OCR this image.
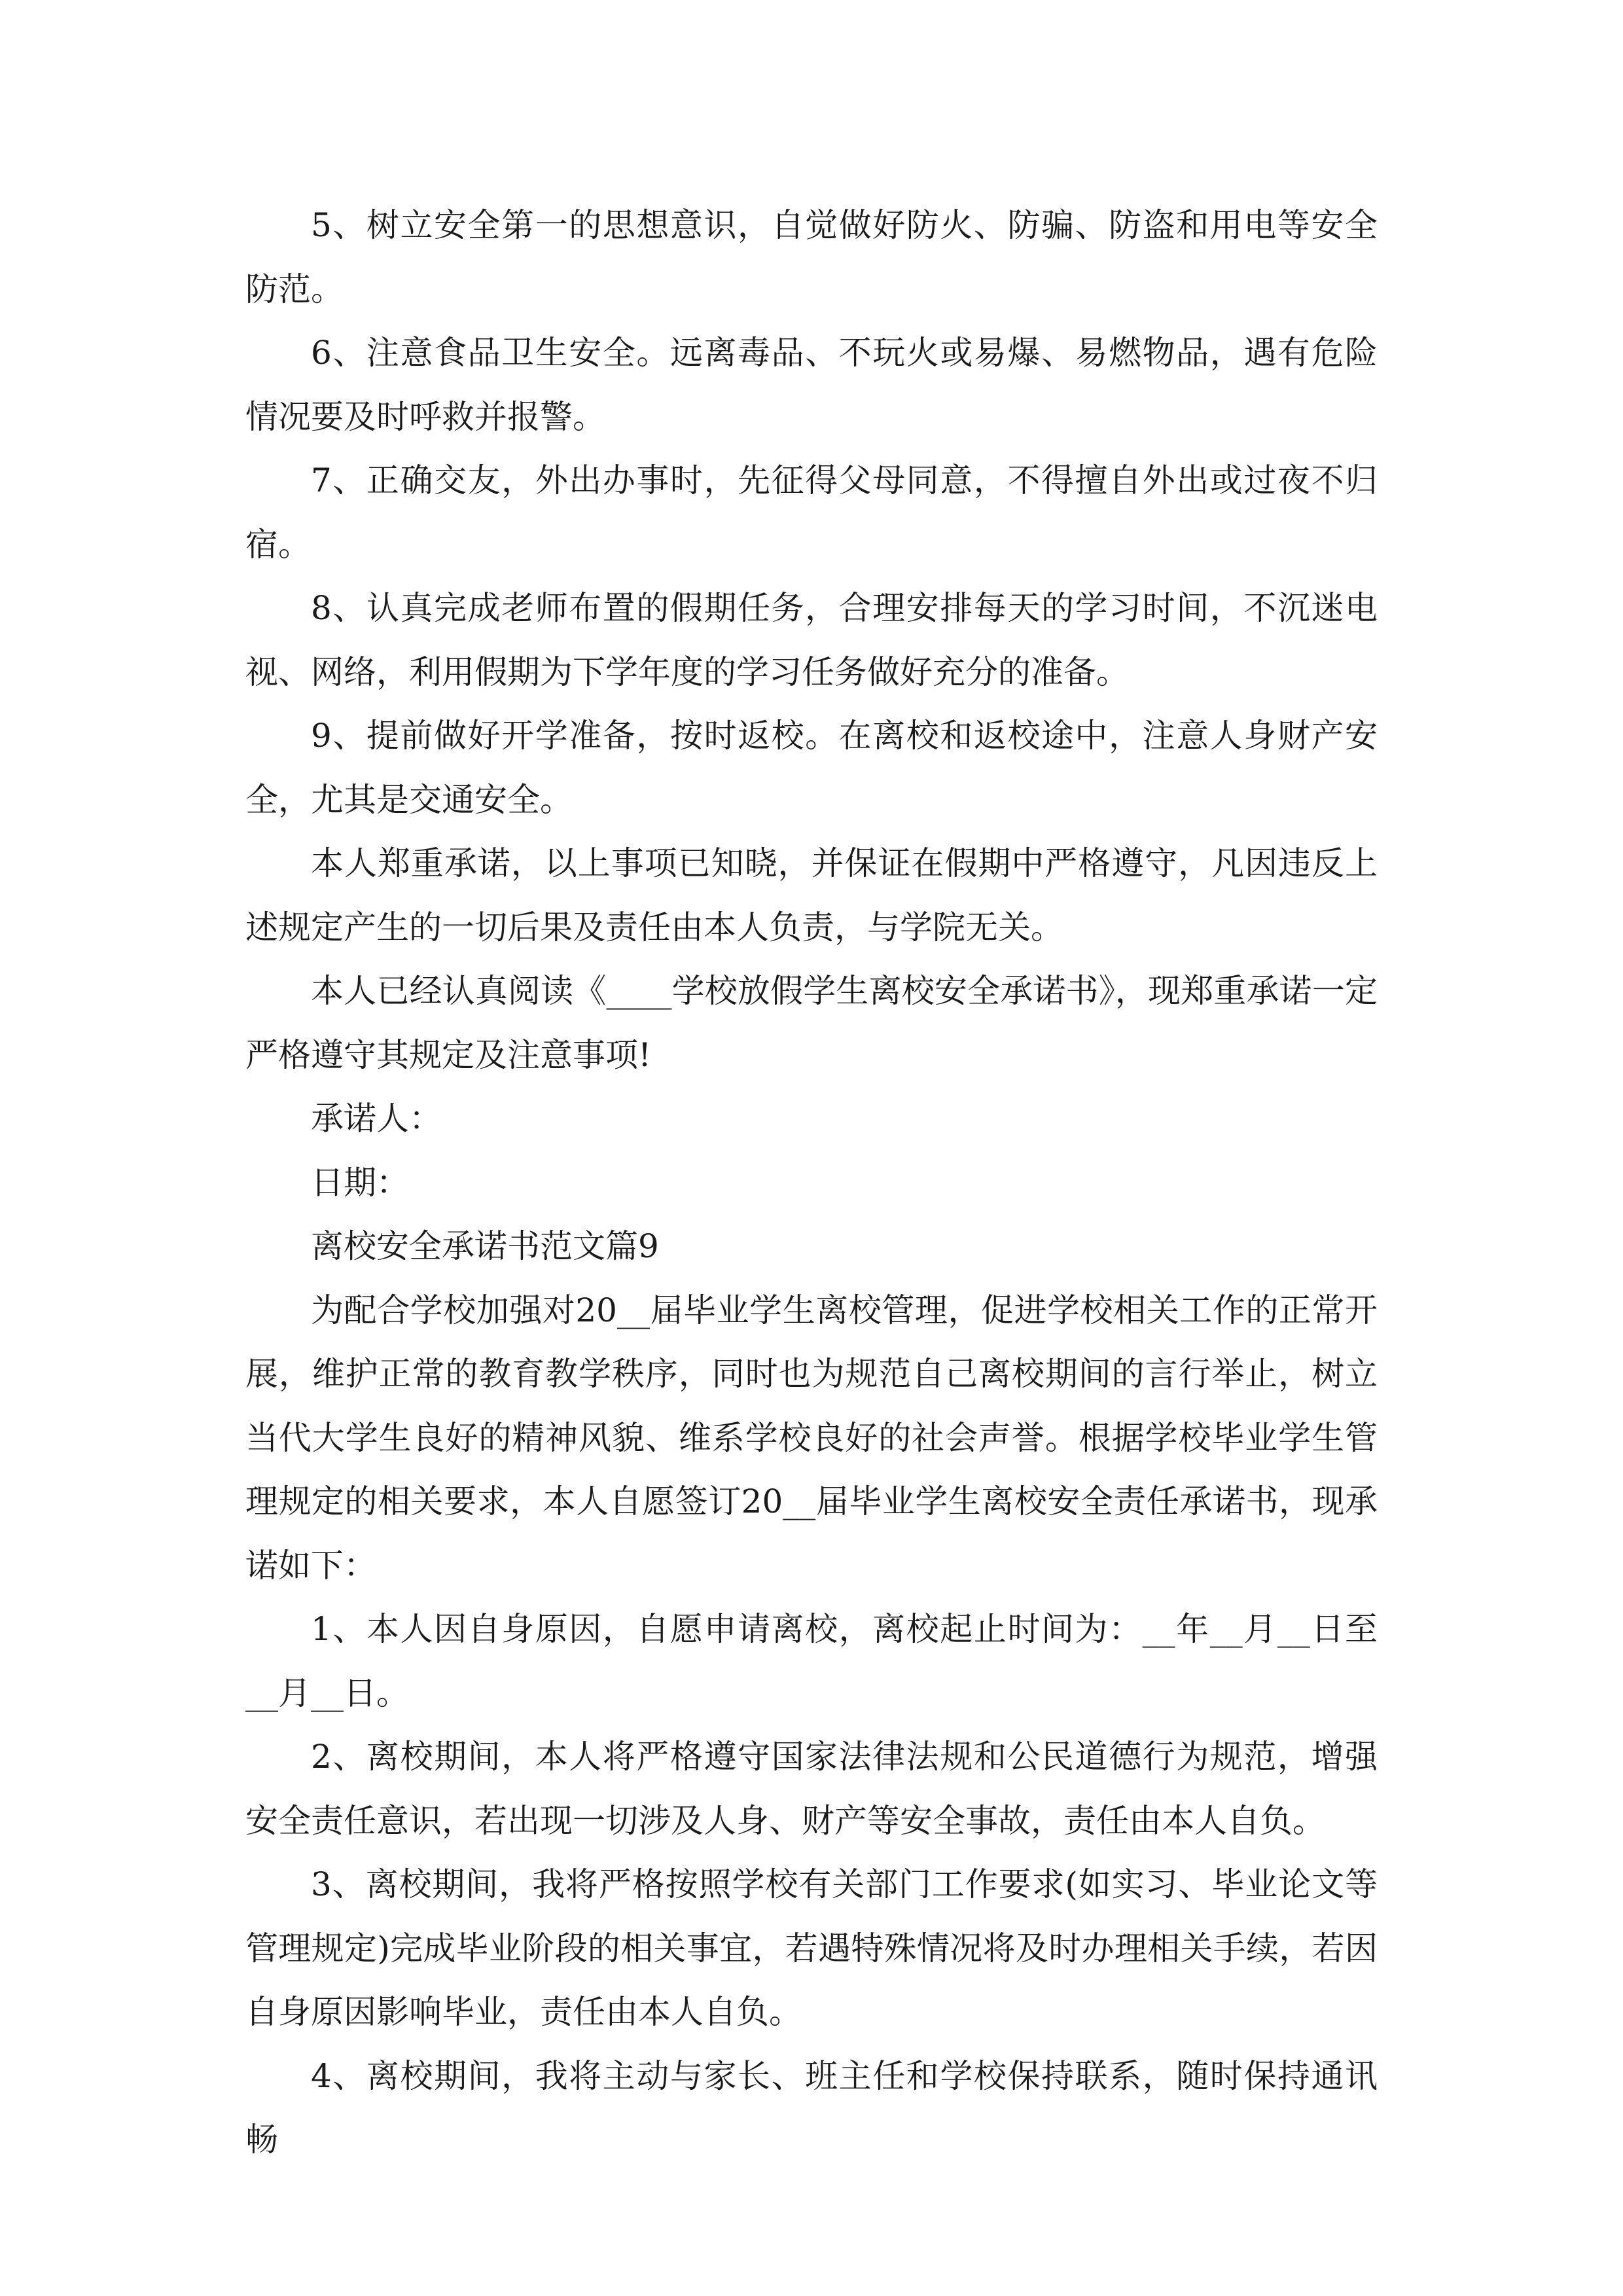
5、树立安全第一的思想意识，自觉做好防火、防骗、防盗和用电等安全防范。

6、注意食品卫生安全。远离毒品、不玩火或易爆、易燃物品，遇有危险情况要及时呼救并报警。

7、正确交友，外出办事时，先征得父母同意，不得擅自外出或过夜不归宿。

8、认真完成老师布置的假期任务，合理安排每天的学习时间，不沉迷电视、网络，利用假期为下学年度的学习任务做好充分的准备。

9、提前做好开学准备，按时返校。在离校和返校途中，注意人身财产安全，尤其是交通安全。

本人郑重承诺，以上事项已知晓，并保证在假期中严格遵守，凡因违反上述规定产生的一切后果及责任由本人负责，与学院无关。

本人已经认真阅读《____学校放假学生离校安全承诺书》，现郑重承诺一定严格遵守其规定及注意事项!

承诺人：

日期：

离校安全承诺书范文篇9

为配合学校加强对20__届毕业学生离校管理，促进学校相关工作的正常开展，维护正常的教育教学秩序，同时也为规范自己离校期间的言行举止，树立当代大学生良好的精神风貌、维系学校良好的社会声誉。根据学校毕业学生管理规定的相关要求，本人自愿签订20__届毕业学生离校安全责任承诺书，现承诺如下：

1、本人因自身原因，自愿申请离校，离校起止时间为：__年__月__日至__月__日。

2、离校期间，本人将严格遵守国家法律法规和公民道德行为规范，增强安全责任意识，若出现一切涉及人身、财产等安全事故，责任由本人自负。

3、离校期间，我将严格按照学校有关部门工作要求(如实习、毕业论文等管理规定)完成毕业阶段的相关事宜，若遇特殊情况将及时办理相关手续，若因自身原因影响毕业，责任由本人自负。

4、离校期间，我将主动与家长、班主任和学校保持联系，随时保持通讯畅
